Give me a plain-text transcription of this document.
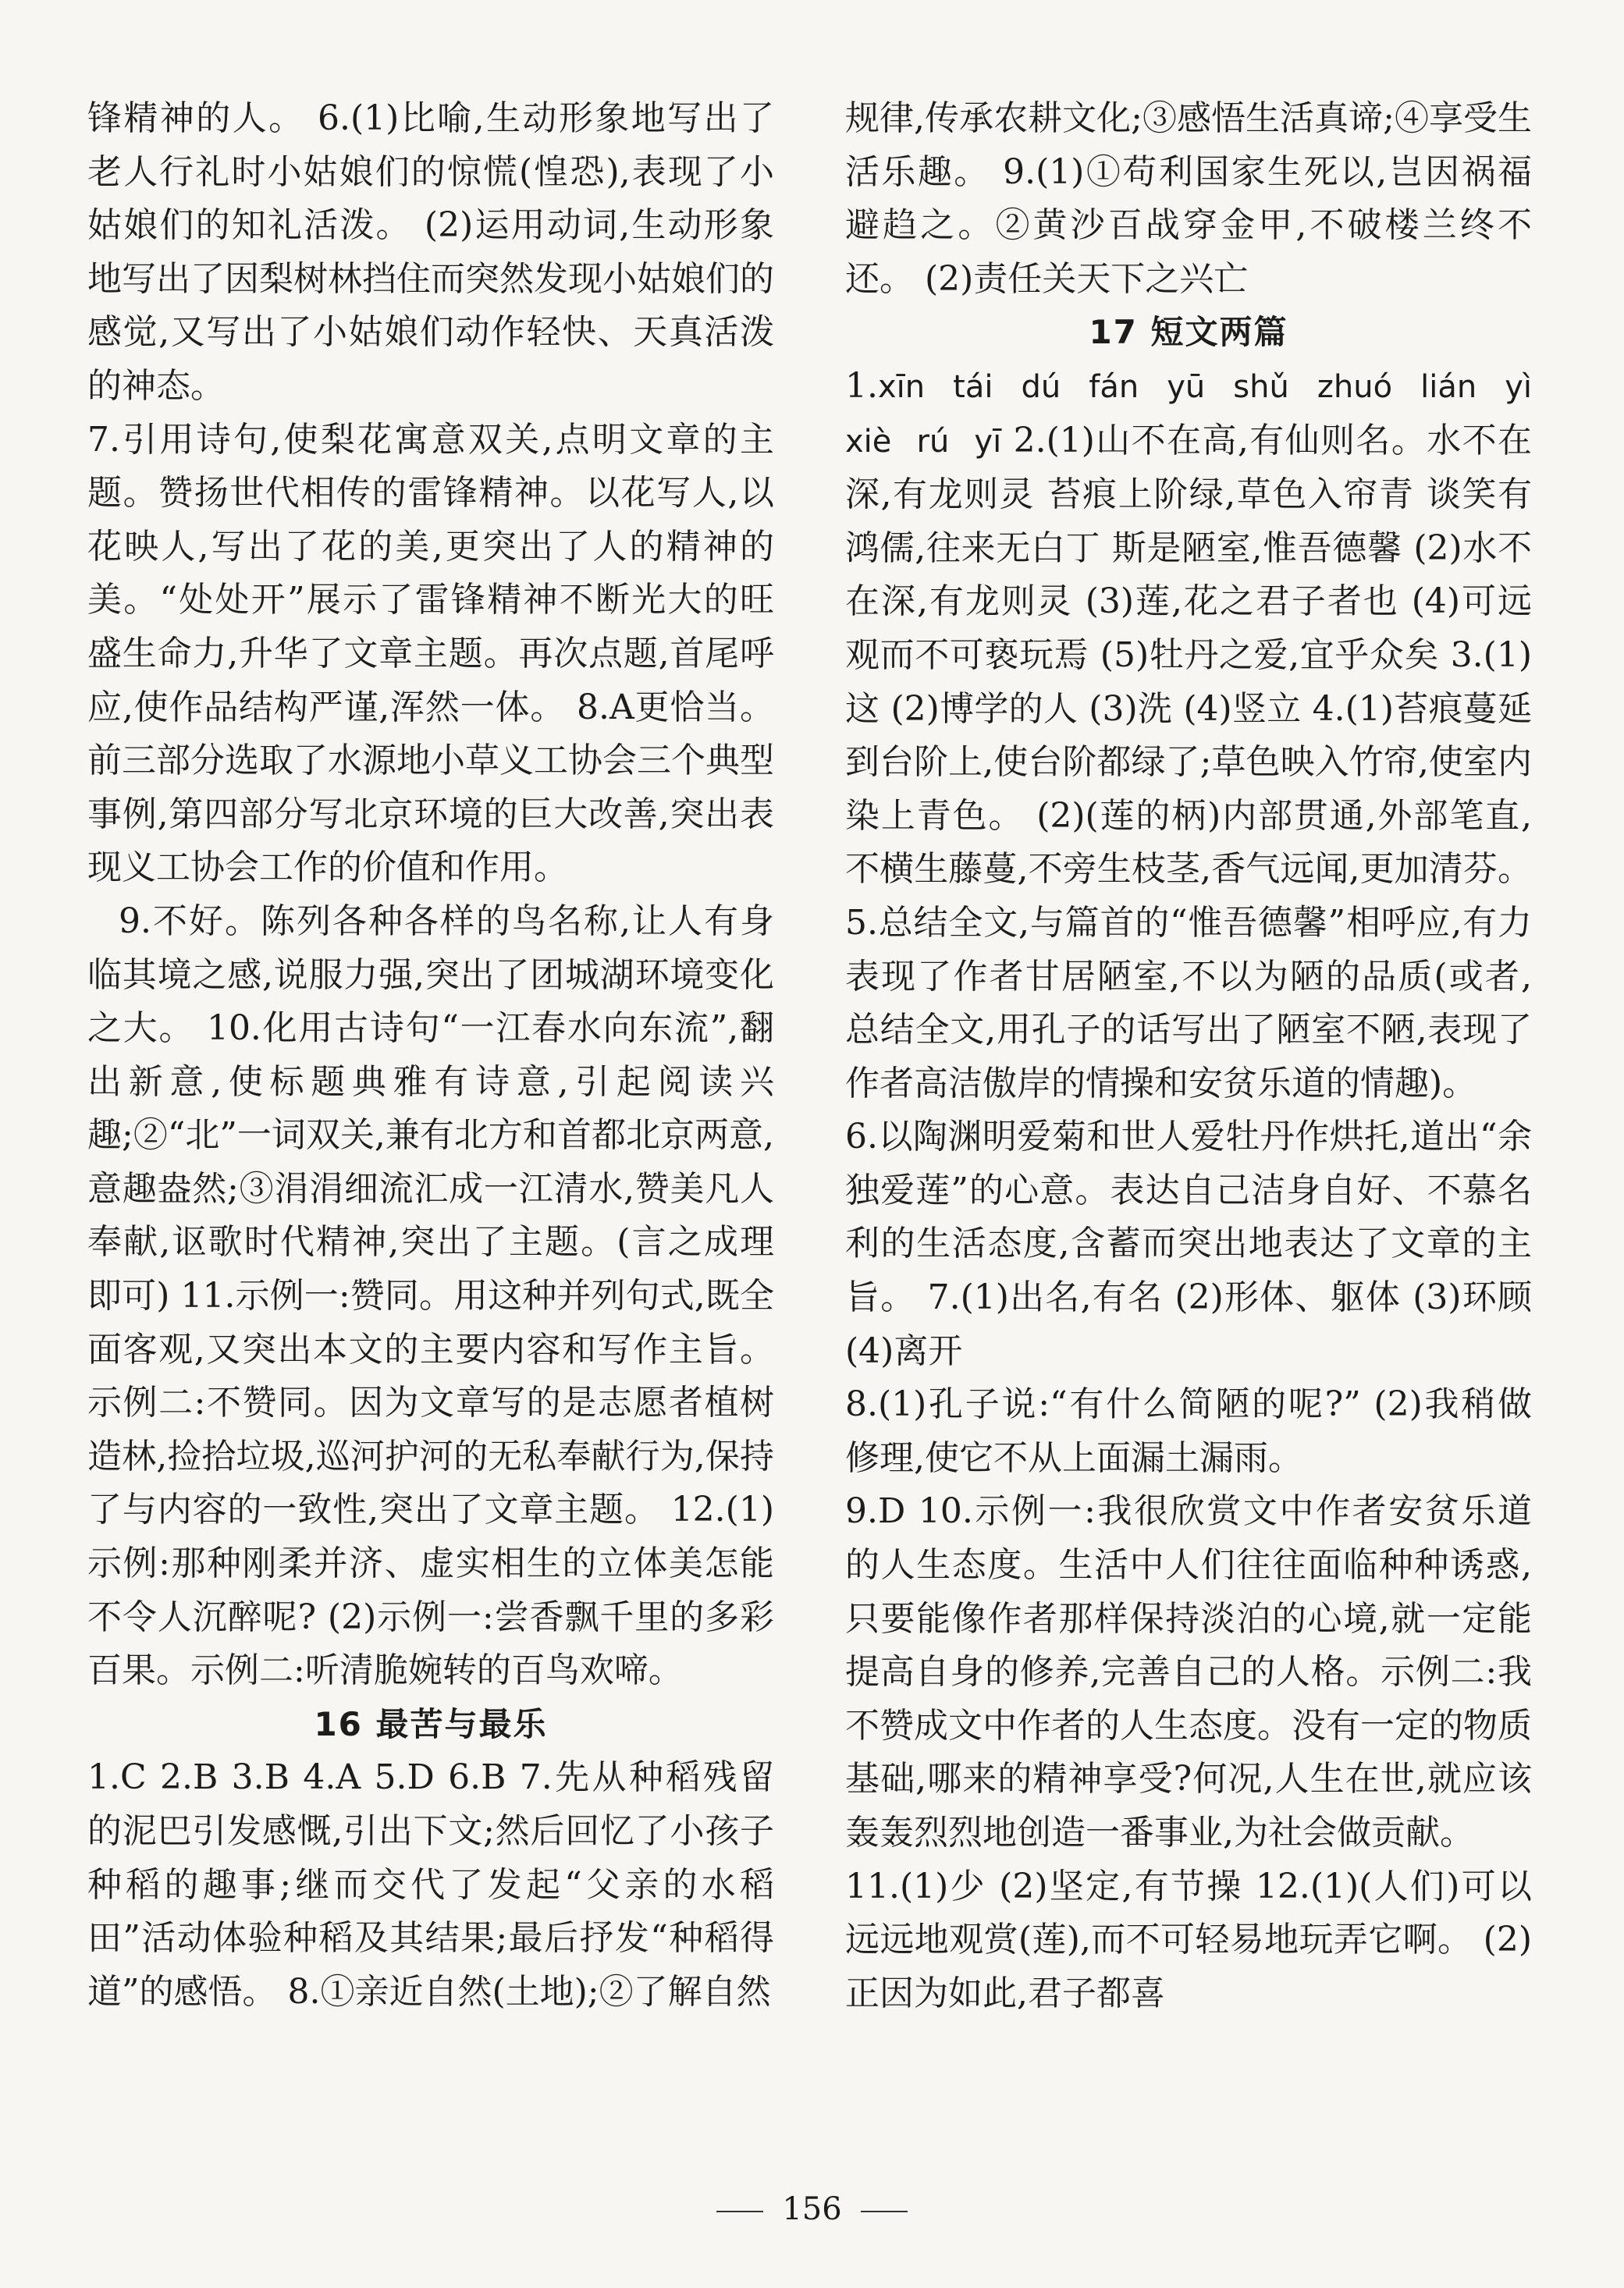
锋精神的人。 6.(1)比喻,生动形象地写出了老人行礼时小姑娘们的惊慌(惶恐),表现了小姑娘们的知礼活泼。 (2)运用动词,生动形象地写出了因梨树林挡住而突然发现小姑娘们的感觉,又写出了小姑娘们动作轻快、天真活泼的神态。

7.引用诗句,使梨花寓意双关,点明文章的主题。赞扬世代相传的雷锋精神。以花写人,以花映人,写出了花的美,更突出了人的精神的美。“处处开”展示了雷锋精神不断光大的旺盛生命力,升华了文章主题。再次点题,首尾呼应,使作品结构严谨,浑然一体。 8.A更恰当。前三部分选取了水源地小草义工协会三个典型事例,第四部分写北京环境的巨大改善,突出表现义工协会工作的价值和作用。

9.不好。陈列各种各样的鸟名称,让人有身临其境之感,说服力强,突出了团城湖环境变化之大。 10.化用古诗句“一江春水向东流”,翻出新意,使标题典雅有诗意,引起阅读兴趣;②“北”一词双关,兼有北方和首都北京两意,意趣盎然;③涓涓细流汇成一江清水,赞美凡人奉献,讴歌时代精神,突出了主题。(言之成理即可) 11.示例一:赞同。用这种并列句式,既全面客观,又突出本文的主要内容和写作主旨。示例二:不赞同。因为文章写的是志愿者植树造林,捡拾垃圾,巡河护河的无私奉献行为,保持了与内容的一致性,突出了文章主题。 12.(1)示例:那种刚柔并济、虚实相生的立体美怎能不令人沉醉呢? (2)示例一:尝香飘千里的多彩百果。示例二:听清脆婉转的百鸟欢啼。

16 最苦与最乐

1.C 2.B 3.B 4.A 5.D 6.B 7.先从种稻残留的泥巴引发感慨,引出下文;然后回忆了小孩子种稻的趣事;继而交代了发起“父亲的水稻田”活动体验种稻及其结果;最后抒发“种稻得道”的感悟。 8.①亲近自然(土地);②了解自然

规律,传承农耕文化;③感悟生活真谛;④享受生活乐趣。 9.(1)①苟利国家生死以,岂因祸福避趋之。②黄沙百战穿金甲,不破楼兰终不还。 (2)责任关天下之兴亡

17 短文两篇

1.xīn tái dú fán yū shǔ zhuó lián yì xiè rú yī 2.(1)山不在高,有仙则名。水不在深,有龙则灵 苔痕上阶绿,草色入帘青 谈笑有鸿儒,往来无白丁 斯是陋室,惟吾德馨 (2)水不在深,有龙则灵 (3)莲,花之君子者也 (4)可远观而不可亵玩焉 (5)牡丹之爱,宜乎众矣 3.(1)这 (2)博学的人 (3)洗 (4)竖立 4.(1)苔痕蔓延到台阶上,使台阶都绿了;草色映入竹帘,使室内染上青色。 (2)(莲的柄)内部贯通,外部笔直,不横生藤蔓,不旁生枝茎,香气远闻,更加清芬。 5.总结全文,与篇首的“惟吾德馨”相呼应,有力表现了作者甘居陋室,不以为陋的品质(或者,总结全文,用孔子的话写出了陋室不陋,表现了作者高洁傲岸的情操和安贫乐道的情趣)。

6.以陶渊明爱菊和世人爱牡丹作烘托,道出“余独爱莲”的心意。表达自己洁身自好、不慕名利的生活态度,含蓄而突出地表达了文章的主旨。 7.(1)出名,有名 (2)形体、躯体 (3)环顾 (4)离开

8.(1)孔子说:“有什么简陋的呢?” (2)我稍做修理,使它不从上面漏土漏雨。

9.D 10.示例一:我很欣赏文中作者安贫乐道的人生态度。生活中人们往往面临种种诱惑,只要能像作者那样保持淡泊的心境,就一定能提高自身的修养,完善自己的人格。示例二:我不赞成文中作者的人生态度。没有一定的物质基础,哪来的精神享受?何况,人生在世,就应该轰轰烈烈地创造一番事业,为社会做贡献。

11.(1)少 (2)坚定,有节操 12.(1)(人们)可以远远地观赏(莲),而不可轻易地玩弄它啊。 (2)正因为如此,君子都喜

156
